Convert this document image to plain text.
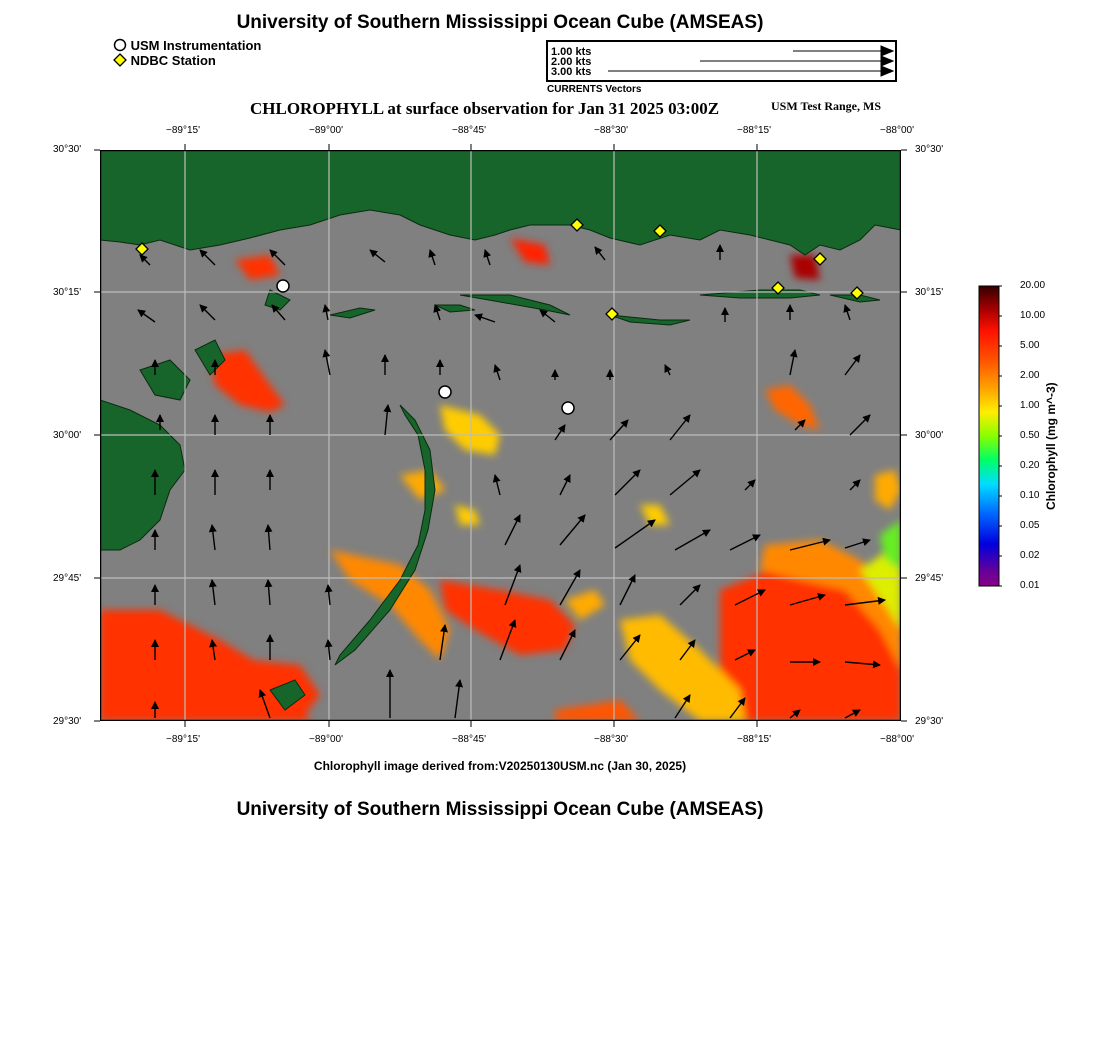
University of Southern Mississippi Ocean Cube (AMSEAS)
USM Instrumentation
NDBC Station
1.00 kts
2.00 kts
3.00 kts
CURRENTS Vectors
CHLOROPHYLL at surface observation for Jan 31 2025 03:00Z	USM Test Range, MS
−89°15'	−89°00'	−88°45'	−88°30'	−88°15'	−88°00'
−89°15'	−89°00'	−88°45'	−88°30'	−88°15'	−88°00'
30°30'
30°15'
30°00'
29°45'
29°30'
30°30'
30°15'
30°00'
29°45'
29°30'
20.00
10.00
5.00
2.00
1.00
0.50
0.20
0.10
0.05
0.02
0.01
Chlorophyll (mg m^-3)
Chlorophyll image derived from:V20250130USM.nc (Jan 30, 2025)
University of Southern Mississippi Ocean Cube (AMSEAS)
